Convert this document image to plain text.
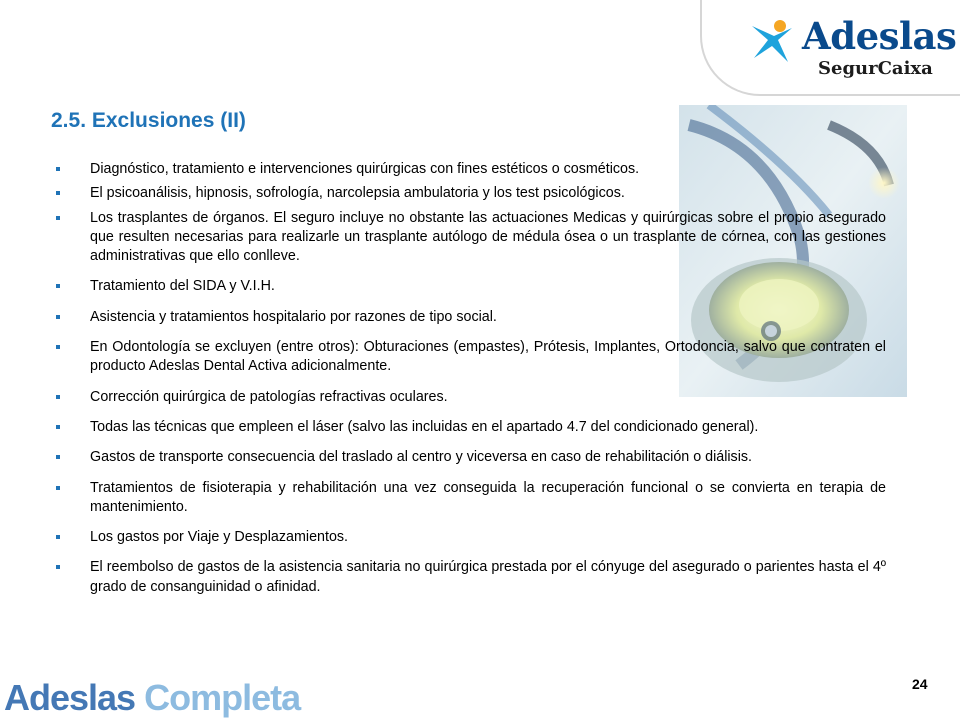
Adeslas
SegurCaixa
2.5. Exclusiones (II)
Diagnóstico, tratamiento e intervenciones quirúrgicas con fines estéticos o cosméticos.
El psicoanálisis, hipnosis, sofrología, narcolepsia ambulatoria y los test psicológicos.
Los trasplantes de órganos. El seguro incluye no obstante las actuaciones Medicas y quirúrgicas sobre el propio asegurado que resulten necesarias para realizarle un trasplante autólogo de médula ósea o un trasplante de córnea, con las gestiones administrativas que ello conlleve.
Tratamiento del SIDA y V.I.H.
Asistencia y tratamientos hospitalario por razones de tipo social.
En Odontología se excluyen (entre otros): Obturaciones (empastes), Prótesis, Implantes, Ortodoncia, salvo que contraten el producto Adeslas Dental Activa adicionalmente.
Corrección quirúrgica de patologías refractivas oculares.
Todas las técnicas que empleen el láser (salvo las incluidas en el apartado 4.7 del condicionado general).
Gastos de transporte consecuencia del traslado al centro y viceversa en caso de rehabilitación o diálisis.
Tratamientos de fisioterapia y rehabilitación una vez conseguida la recuperación funcional o se convierta en terapia de mantenimiento.
Los gastos por Viaje y Desplazamientos.
El reembolso de gastos de la asistencia sanitaria no quirúrgica prestada por el cónyuge del asegurado o parientes hasta el 4º grado de consanguinidad o afinidad.
Adeslas Completa	24
